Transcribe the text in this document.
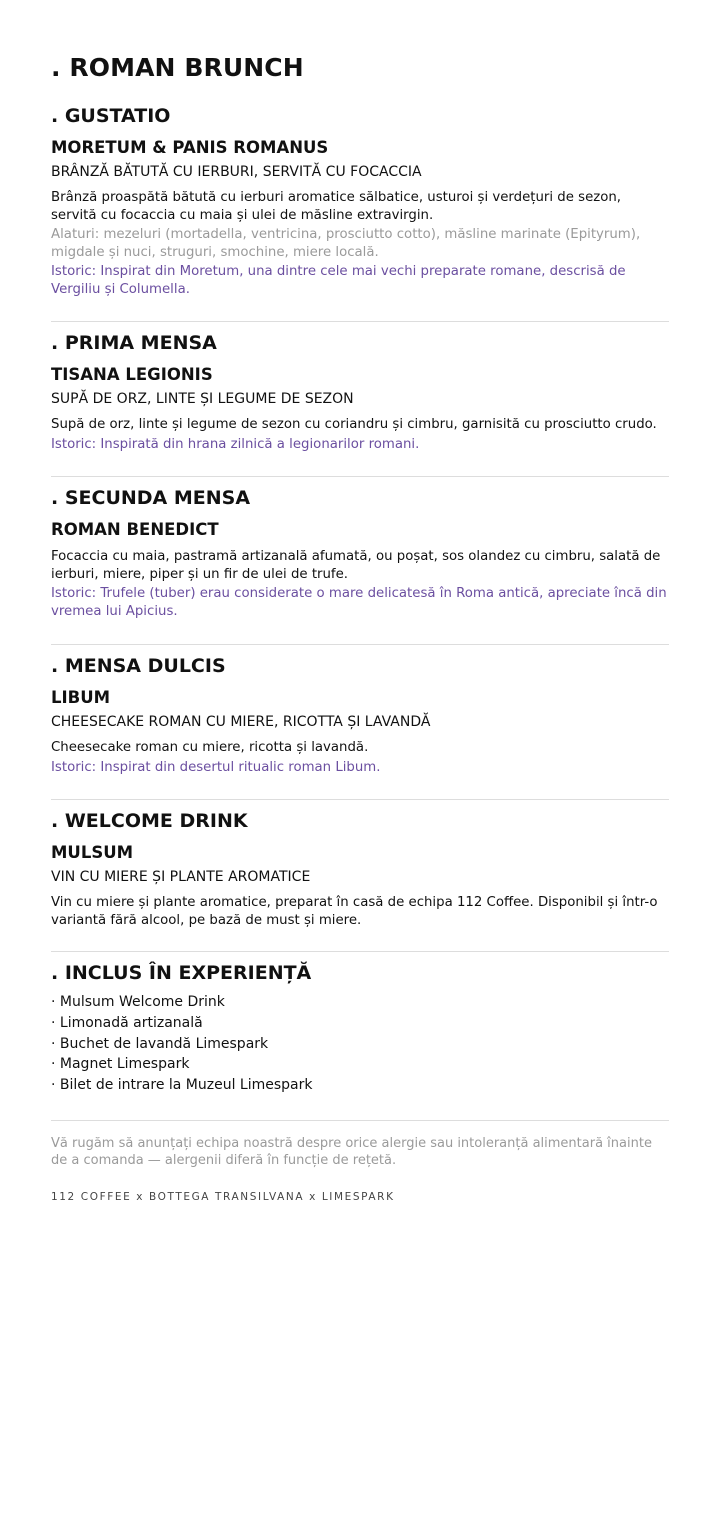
. ROMAN BRUNCH
. GUSTATIO
MORETUM & PANIS ROMANUS
BRÂNZĂ BĂTUTĂ CU IERBURI, SERVITĂ CU FOCACCIA

Brânză proaspătă bătută cu ierburi aromatice sălbatice, usturoi și verdețuri de sezon, servită cu focaccia cu maia și ulei de măsline extravirgin.

Alaturi: mezeluri (mortadella, ventricina, prosciutto cotto), măsline marinate (Epityrum), migdale și nuci, struguri, smochine, miere locală.

Istoric: Inspirat din Moretum, una dintre cele mai vechi preparate romane, descrisă de Vergiliu și Columella.

. PRIMA MENSA
TISANA LEGIONIS
SUPĂ DE ORZ, LINTE ȘI LEGUME DE SEZON

Supă de orz, linte și legume de sezon cu coriandru și cimbru, garnisită cu prosciutto crudo.

Istoric: Inspirată din hrana zilnică a legionarilor romani.

. SECUNDA MENSA
ROMAN BENEDICT

Focaccia cu maia, pastramă artizanală afumată, ou poșat, sos olandez cu cimbru, salată de ierburi, miere, piper și un fir de ulei de trufe.

Istoric: Trufele (tuber) erau considerate o mare delicatesă în Roma antică, apreciate încă din vremea lui Apicius.

. MENSA DULCIS
LIBUM
CHEESECAKE ROMAN CU MIERE, RICOTTA ȘI LAVANDĂ

Cheesecake roman cu miere, ricotta și lavandă.

Istoric: Inspirat din desertul ritualic roman Libum.

. WELCOME DRINK
MULSUM
VIN CU MIERE ȘI PLANTE AROMATICE

Vin cu miere și plante aromatice, preparat în casă de echipa 112 Coffee. Disponibil și într-o variantă fără alcool, pe bază de must și miere.

. INCLUS ÎN EXPERIENȚĂ
· Mulsum Welcome Drink
· Limonadă artizanală
· Buchet de lavandă Limespark
· Magnet Limespark
· Bilet de intrare la Muzeul Limespark

Vă rugăm să anunțați echipa noastră despre orice alergie sau intoleranță alimentară înainte de a comanda — alergenii diferă în funcție de rețetă.

112 COFFEE x BOTTEGA TRANSILVANA x LIMESPARK
